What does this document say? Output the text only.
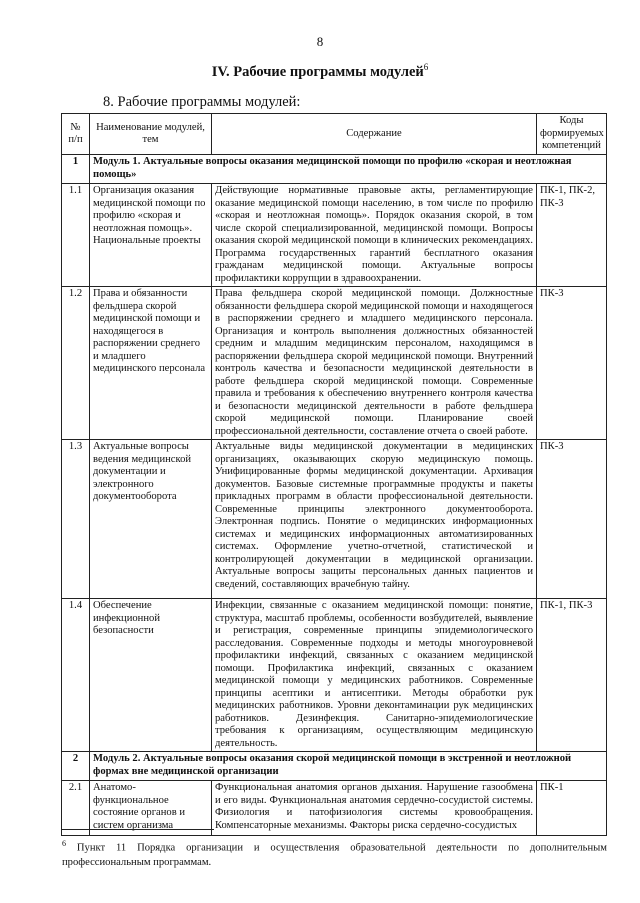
8
IV. Рабочие программы модулей$^6$
8. Рабочие программы модулей:
№ п/п	Наименование модулей, тем	Содержание	Коды формируемых компетенций
1	Модуль 1. Актуальные вопросы оказания медицинской помощи по профилю «скорая и неотложная помощь»		
1.1	Организация оказания медицинской помощи по профилю «скорая и неотложная помощь». Национальные проекты	Действующие нормативные правовые акты, регламентирующие оказание медицинской помощи населению, в том числе по профилю «скорая и неотложная помощь». Порядок оказания скорой, в том числе скорой специализированной, медицинской помощи. Вопросы оказания скорой медицинской помощи в клинических рекомендациях. Программа государственных гарантий бесплатного оказания гражданам медицинской помощи. Актуальные вопросы профилактики коррупции в здравоохранении.	ПК-1, ПК-2, ПК-3
1.2	Права и обязанности фельдшера скорой медицинской помощи и находящегося в распоряжении среднего и младшего медицинского персонала	Права фельдшера скорой медицинской помощи. Должностные обязанности фельдшера скорой медицинской помощи и находящегося в распоряжении среднего и младшего медицинского персонала. Организация и контроль выполнения должностных обязанностей средним и младшим медицинским персоналом, находящимся в распоряжении фельдшера скорой медицинской помощи. Внутренний контроль качества и безопасности медицинской деятельности в работе фельдшера скорой медицинской помощи. Современные правила и требования к обеспечению внутреннего контроля качества и безопасности медицинской деятельности в работе фельдшера скорой медицинской помощи. Планирование своей профессиональной деятельности, составление отчета о своей работе.	ПК-3
1.3	Актуальные вопросы ведения медицинской документации и электронного документооборота	Актуальные виды медицинской документации в медицинских организациях, оказывающих скорую медицинскую помощь. Унифицированные формы медицинской документации. Архивация документов. Базовые системные программные продукты и пакеты прикладных программ в области профессиональной деятельности. Современные принципы электронного документооборота. Электронная подпись. Понятие о медицинских информационных системах и медицинских информационных автоматизированных системах. Оформление учетно-отчетной, статистической и контролирующей документации в медицинской организации. Актуальные вопросы защиты персональных данных пациентов и сведений, составляющих врачебную тайну.	ПК-3
1.4	Обеспечение инфекционной безопасности	Инфекции, связанные с оказанием медицинской помощи: понятие, структура, масштаб проблемы, особенности возбудителей, выявление и регистрация, современные принципы эпидемиологического расследования. Современные подходы и методы многоуровневой профилактики инфекций, связанных с оказанием медицинской помощи. Профилактика инфекций, связанных с оказанием медицинской помощи у медицинских работников. Современные принципы асептики и антисептики. Методы обработки рук медицинских работников. Уровни деконтаминации рук медицинских работников. Дезинфекция. Санитарно-эпидемиологические требования к организациям, осуществляющим медицинскую деятельность.	ПК-1, ПК-3
2	Модуль 2. Актуальные вопросы оказания скорой медицинской помощи в экстренной и неотложной формах вне медицинской организации		
2.1	Анатомо-функциональное состояние органов и систем организма	Функциональная анатомия органов дыхания. Нарушение газообмена и его виды. Функциональная анатомия сердечно-сосудистой системы. Физиология и патофизиология системы кровообращения. Компенсаторные механизмы. Факторы риска сердечно-сосудистых	ПК-1
$^6$ Пункт 11 Порядка организации и осуществления образовательной деятельности по дополнительным профессиональным программам.
